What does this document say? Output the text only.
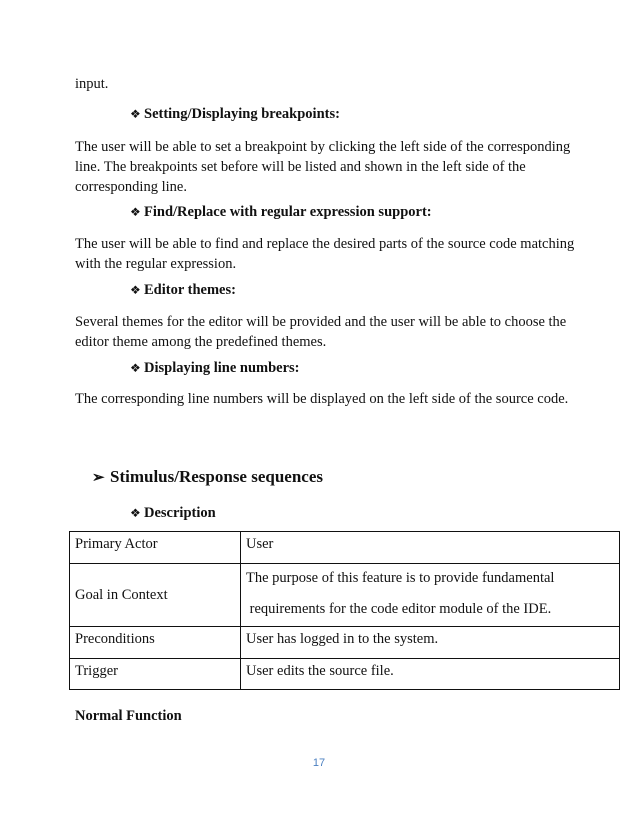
input.

❖ Setting/Displaying breakpoints:

The user will be able to set a breakpoint by clicking the left side of the corresponding line. The breakpoints set before will be listed and shown in the left side of the corresponding line.

❖ Find/Replace with regular expression support:

The user will be able to find and replace the desired parts of the source code matching with the regular expression.

❖ Editor themes:

Several themes for the editor will be provided and the user will be able to choose the editor theme among the predefined themes.

❖ Displaying line numbers:

The corresponding line numbers will be displayed on the left side of the source code.

➢ Stimulus/Response sequences
❖ Description
Primary Actor	User
Goal in Context	The purpose of this feature is to provide fundamental
requirements for the code editor module of the IDE.

Preconditions	User has logged in to the system.
Trigger	User edits the source file.
Normal Function
17
